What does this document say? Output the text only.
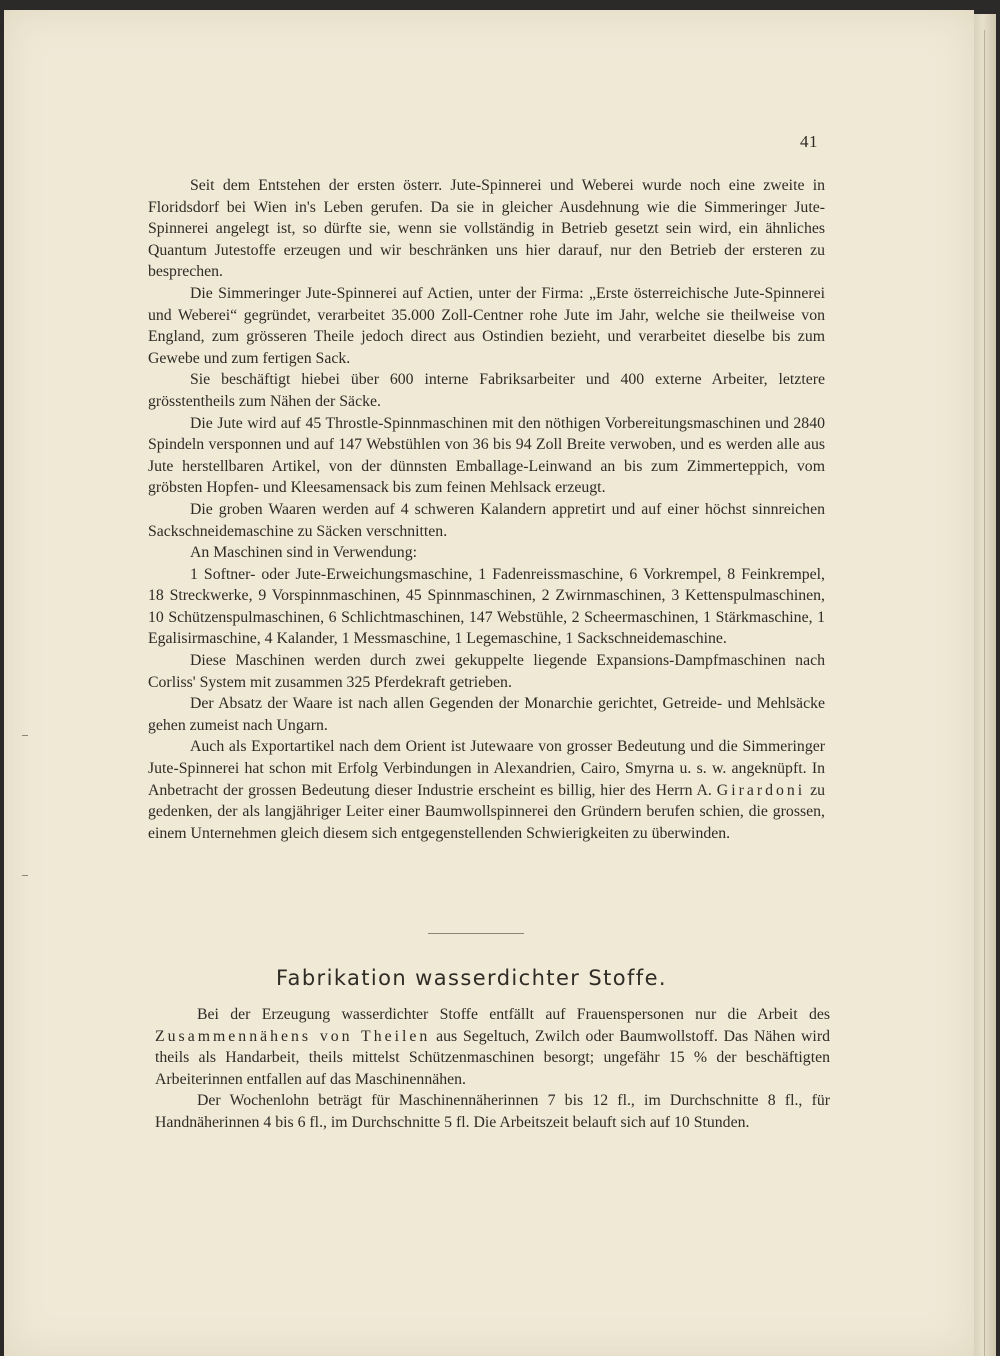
41

Seit dem Entstehen der ersten österr. Jute-Spinnerei und Weberei wurde noch eine zweite in Floridsdorf bei Wien in's Leben gerufen. Da sie in gleicher Ausdehnung wie die Simmeringer Jute-Spinnerei angelegt ist, so dürfte sie, wenn sie vollständig in Betrieb gesetzt sein wird, ein ähnliches Quantum Jutestoffe erzeugen und wir beschränken uns hier darauf, nur den Betrieb der ersteren zu besprechen.

Die Simmeringer Jute-Spinnerei auf Actien, unter der Firma: „Erste österreichische Jute-Spinnerei und Weberei“ gegründet, verarbeitet 35.000 Zoll-Centner rohe Jute im Jahr, welche sie theilweise von England, zum grösseren Theile jedoch direct aus Ostindien bezieht, und verarbeitet dieselbe bis zum Gewebe und zum fertigen Sack.

Sie beschäftigt hiebei über 600 interne Fabriksarbeiter und 400 externe Arbeiter, letztere grösstentheils zum Nähen der Säcke.

Die Jute wird auf 45 Throstle-Spinnmaschinen mit den nöthigen Vorbereitungsmaschinen und 2840 Spindeln versponnen und auf 147 Webstühlen von 36 bis 94 Zoll Breite verwoben, und es werden alle aus Jute herstellbaren Artikel, von der dünnsten Emballage-Leinwand an bis zum Zimmerteppich, vom gröbsten Hopfen- und Kleesamensack bis zum feinen Mehlsack erzeugt.

Die groben Waaren werden auf 4 schweren Kalandern appretirt und auf einer höchst sinnreichen Sackschneidemaschine zu Säcken verschnitten.

An Maschinen sind in Verwendung:

1 Softner- oder Jute-Erweichungsmaschine, 1 Fadenreissmaschine, 6 Vorkrempel, 8 Feinkrempel, 18 Streckwerke, 9 Vorspinnmaschinen, 45 Spinnmaschinen, 2 Zwirnmaschinen, 3 Kettenspulmaschinen, 10 Schützenspulmaschinen, 6 Schlichtmaschinen, 147 Webstühle, 2 Scheermaschinen, 1 Stärkmaschine, 1 Egalisirmaschine, 4 Kalander, 1 Messmaschine, 1 Legemaschine, 1 Sackschneidemaschine.

Diese Maschinen werden durch zwei gekuppelte liegende Expansions-Dampfmaschinen nach Corliss' System mit zusammen 325 Pferdekraft getrieben.

Der Absatz der Waare ist nach allen Gegenden der Monarchie gerichtet, Getreide- und Mehlsäcke gehen zumeist nach Ungarn.

Auch als Exportartikel nach dem Orient ist Jutewaare von grosser Bedeutung und die Simmeringer Jute-Spinnerei hat schon mit Erfolg Verbindungen in Alexandrien, Cairo, Smyrna u. s. w. angeknüpft. In Anbetracht der grossen Bedeutung dieser Industrie erscheint es billig, hier des Herrn A. Girardoni zu gedenken, der als langjähriger Leiter einer Baumwollspinnerei den Gründern berufen schien, die grossen, einem Unternehmen gleich diesem sich entgegenstellenden Schwierigkeiten zu überwinden.

Fabrikation wasserdichter Stoffe.

Bei der Erzeugung wasserdichter Stoffe entfällt auf Frauenspersonen nur die Arbeit des Zusammennähens von Theilen aus Segeltuch, Zwilch oder Baumwollstoff. Das Nähen wird theils als Handarbeit, theils mittelst Schützenmaschinen besorgt; ungefähr 15 % der beschäftigten Arbeiterinnen entfallen auf das Maschinennähen.

Der Wochenlohn beträgt für Maschinennäherinnen 7 bis 12 fl., im Durchschnitte 8 fl., für Handnäherinnen 4 bis 6 fl., im Durchschnitte 5 fl. Die Arbeitszeit belauft sich auf 10 Stunden.
